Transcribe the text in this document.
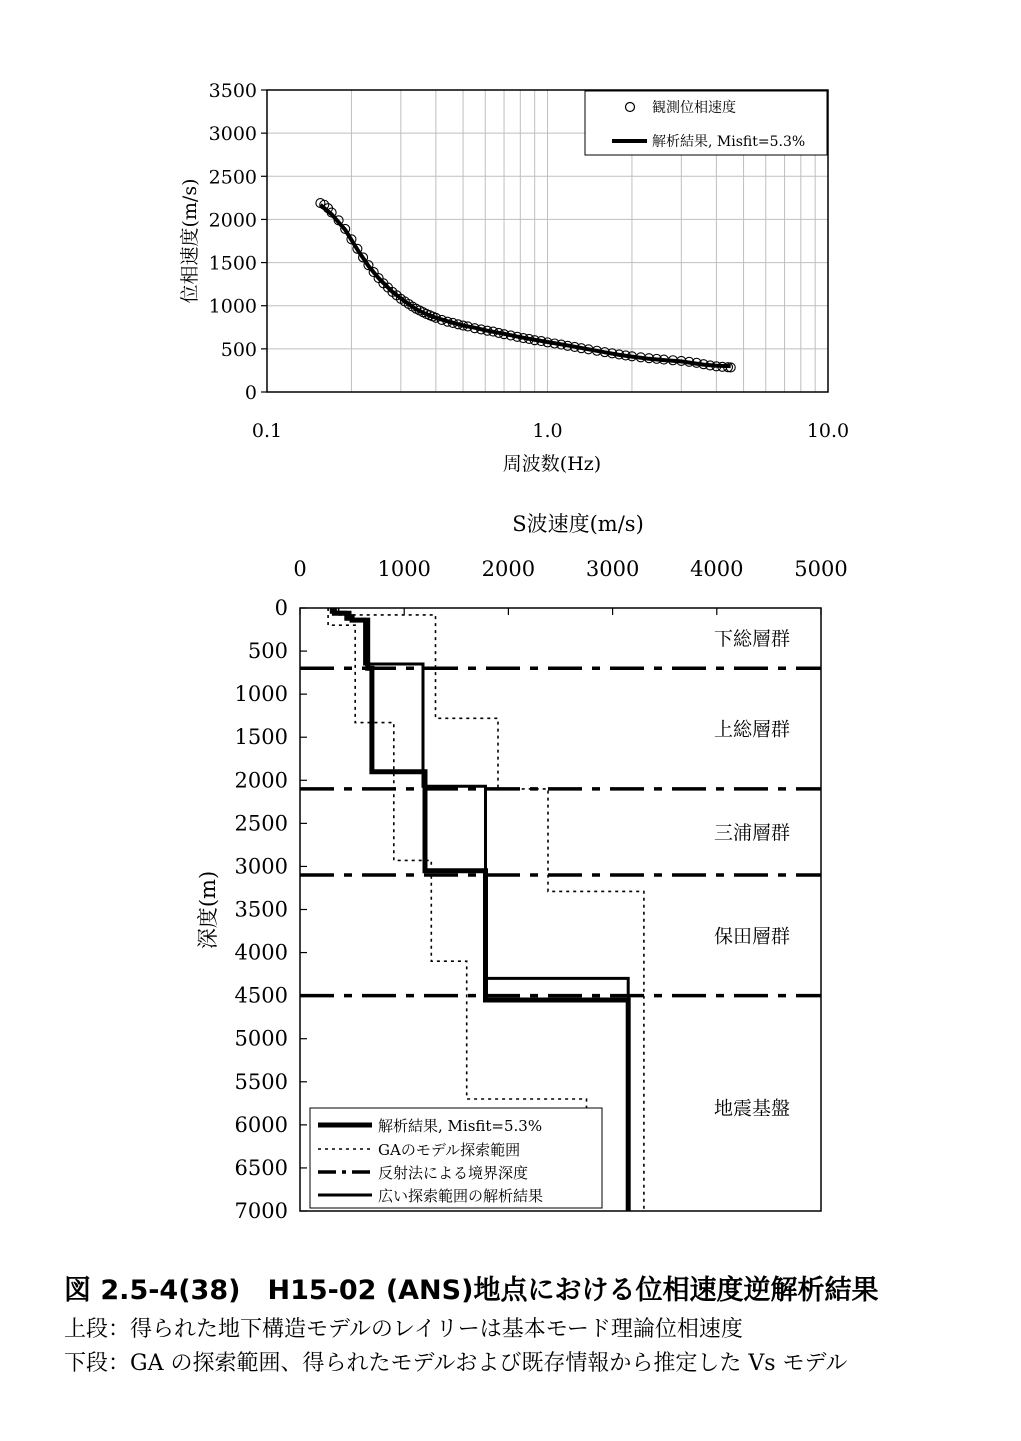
0
500
1000
1500
2000
2500
3000
3500
0.1	1.0	10.0
周波数(Hz)
位相速度(m/s)
観測位相速度
解析結果, Misfit=5.3%
0
500
1000
1500
2000
2500
3000
3500
4000
4500
5000
5500
6000
6500
7000
0	1000 2000 3000 4000 5000
下総層群
上総層群
三浦層群
保田層群
地震基盤
S波速度(m/s)
深度(m)
解析結果, Misfit=5.3%
GAのモデル探索範囲
反射法による境界深度
広い探索範囲の解析結果
図 2.5-4(38)　H15-02 (ANS)地点における位相速度逆解析結果
上段：得られた地下構造モデルのレイリーは基本モード理論位相速度
下段：GA の探索範囲、得られたモデルおよび既存情報から推定した Vs モデル
